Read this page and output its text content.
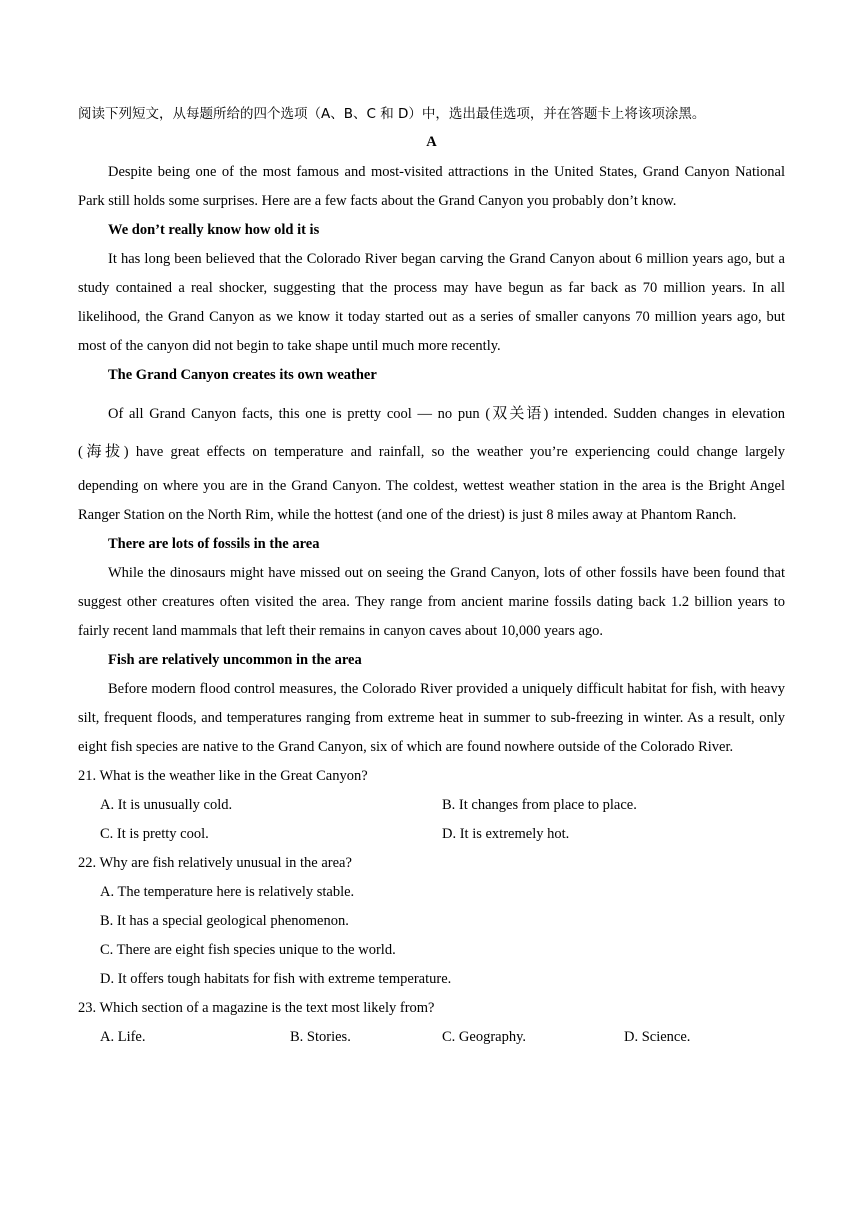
阅读下列短文，从每题所给的四个选项（A、B、C 和 D）中，选出最佳选项，并在答题卡上将该项涂黑。
A

Despite being one of the most famous and most-visited attractions in the United States, Grand Canyon National Park still holds some surprises. Here are a few facts about the Grand Canyon you probably don’t know.

We don’t really know how old it is

It has long been believed that the Colorado River began carving the Grand Canyon about 6 million years ago, but a study contained a real shocker, suggesting that the process may have begun as far back as 70 million years. In all likelihood, the Grand Canyon as we know it today started out as a series of smaller canyons 70 million years ago, but most of the canyon did not begin to take shape until much more recently.

The Grand Canyon creates its own weather

Of all Grand Canyon facts, this one is pretty cool — no pun (双关语) intended. Sudden changes in elevation
(海拔) have great effects on temperature and rainfall, so the weather you’re experiencing could change largely
depending on where you are in the Grand Canyon. The coldest, wettest weather station in the area is the Bright Angel Ranger Station on the North Rim, while the hottest (and one of the driest) is just 8 miles away at Phantom Ranch.

There are lots of fossils in the area

While the dinosaurs might have missed out on seeing the Grand Canyon, lots of other fossils have been found that suggest other creatures often visited the area. They range from ancient marine fossils dating back 1.2 billion years to fairly recent land mammals that left their remains in canyon caves about 10,000 years ago.

Fish are relatively uncommon in the area

Before modern flood control measures, the Colorado River provided a uniquely difficult habitat for fish, with heavy silt, frequent floods, and temperatures ranging from extreme heat in summer to sub-freezing in winter. As a result, only eight fish species are native to the Grand Canyon, six of which are found nowhere outside of the Colorado River.

21. What is the weather like in the Great Canyon?

A. It is unusually cold.	B. It changes from place to place.
C. It is pretty cool.	D. It is extremely hot.

22. Why are fish relatively unusual in the area?

A. The temperature here is relatively stable.

B. It has a special geological phenomenon.

C. There are eight fish species unique to the world.

D. It offers tough habitats for fish with extreme temperature.

23. Which section of a magazine is the text most likely from?

A. Life.	B. Stories.	C. Geography.	D. Science.
